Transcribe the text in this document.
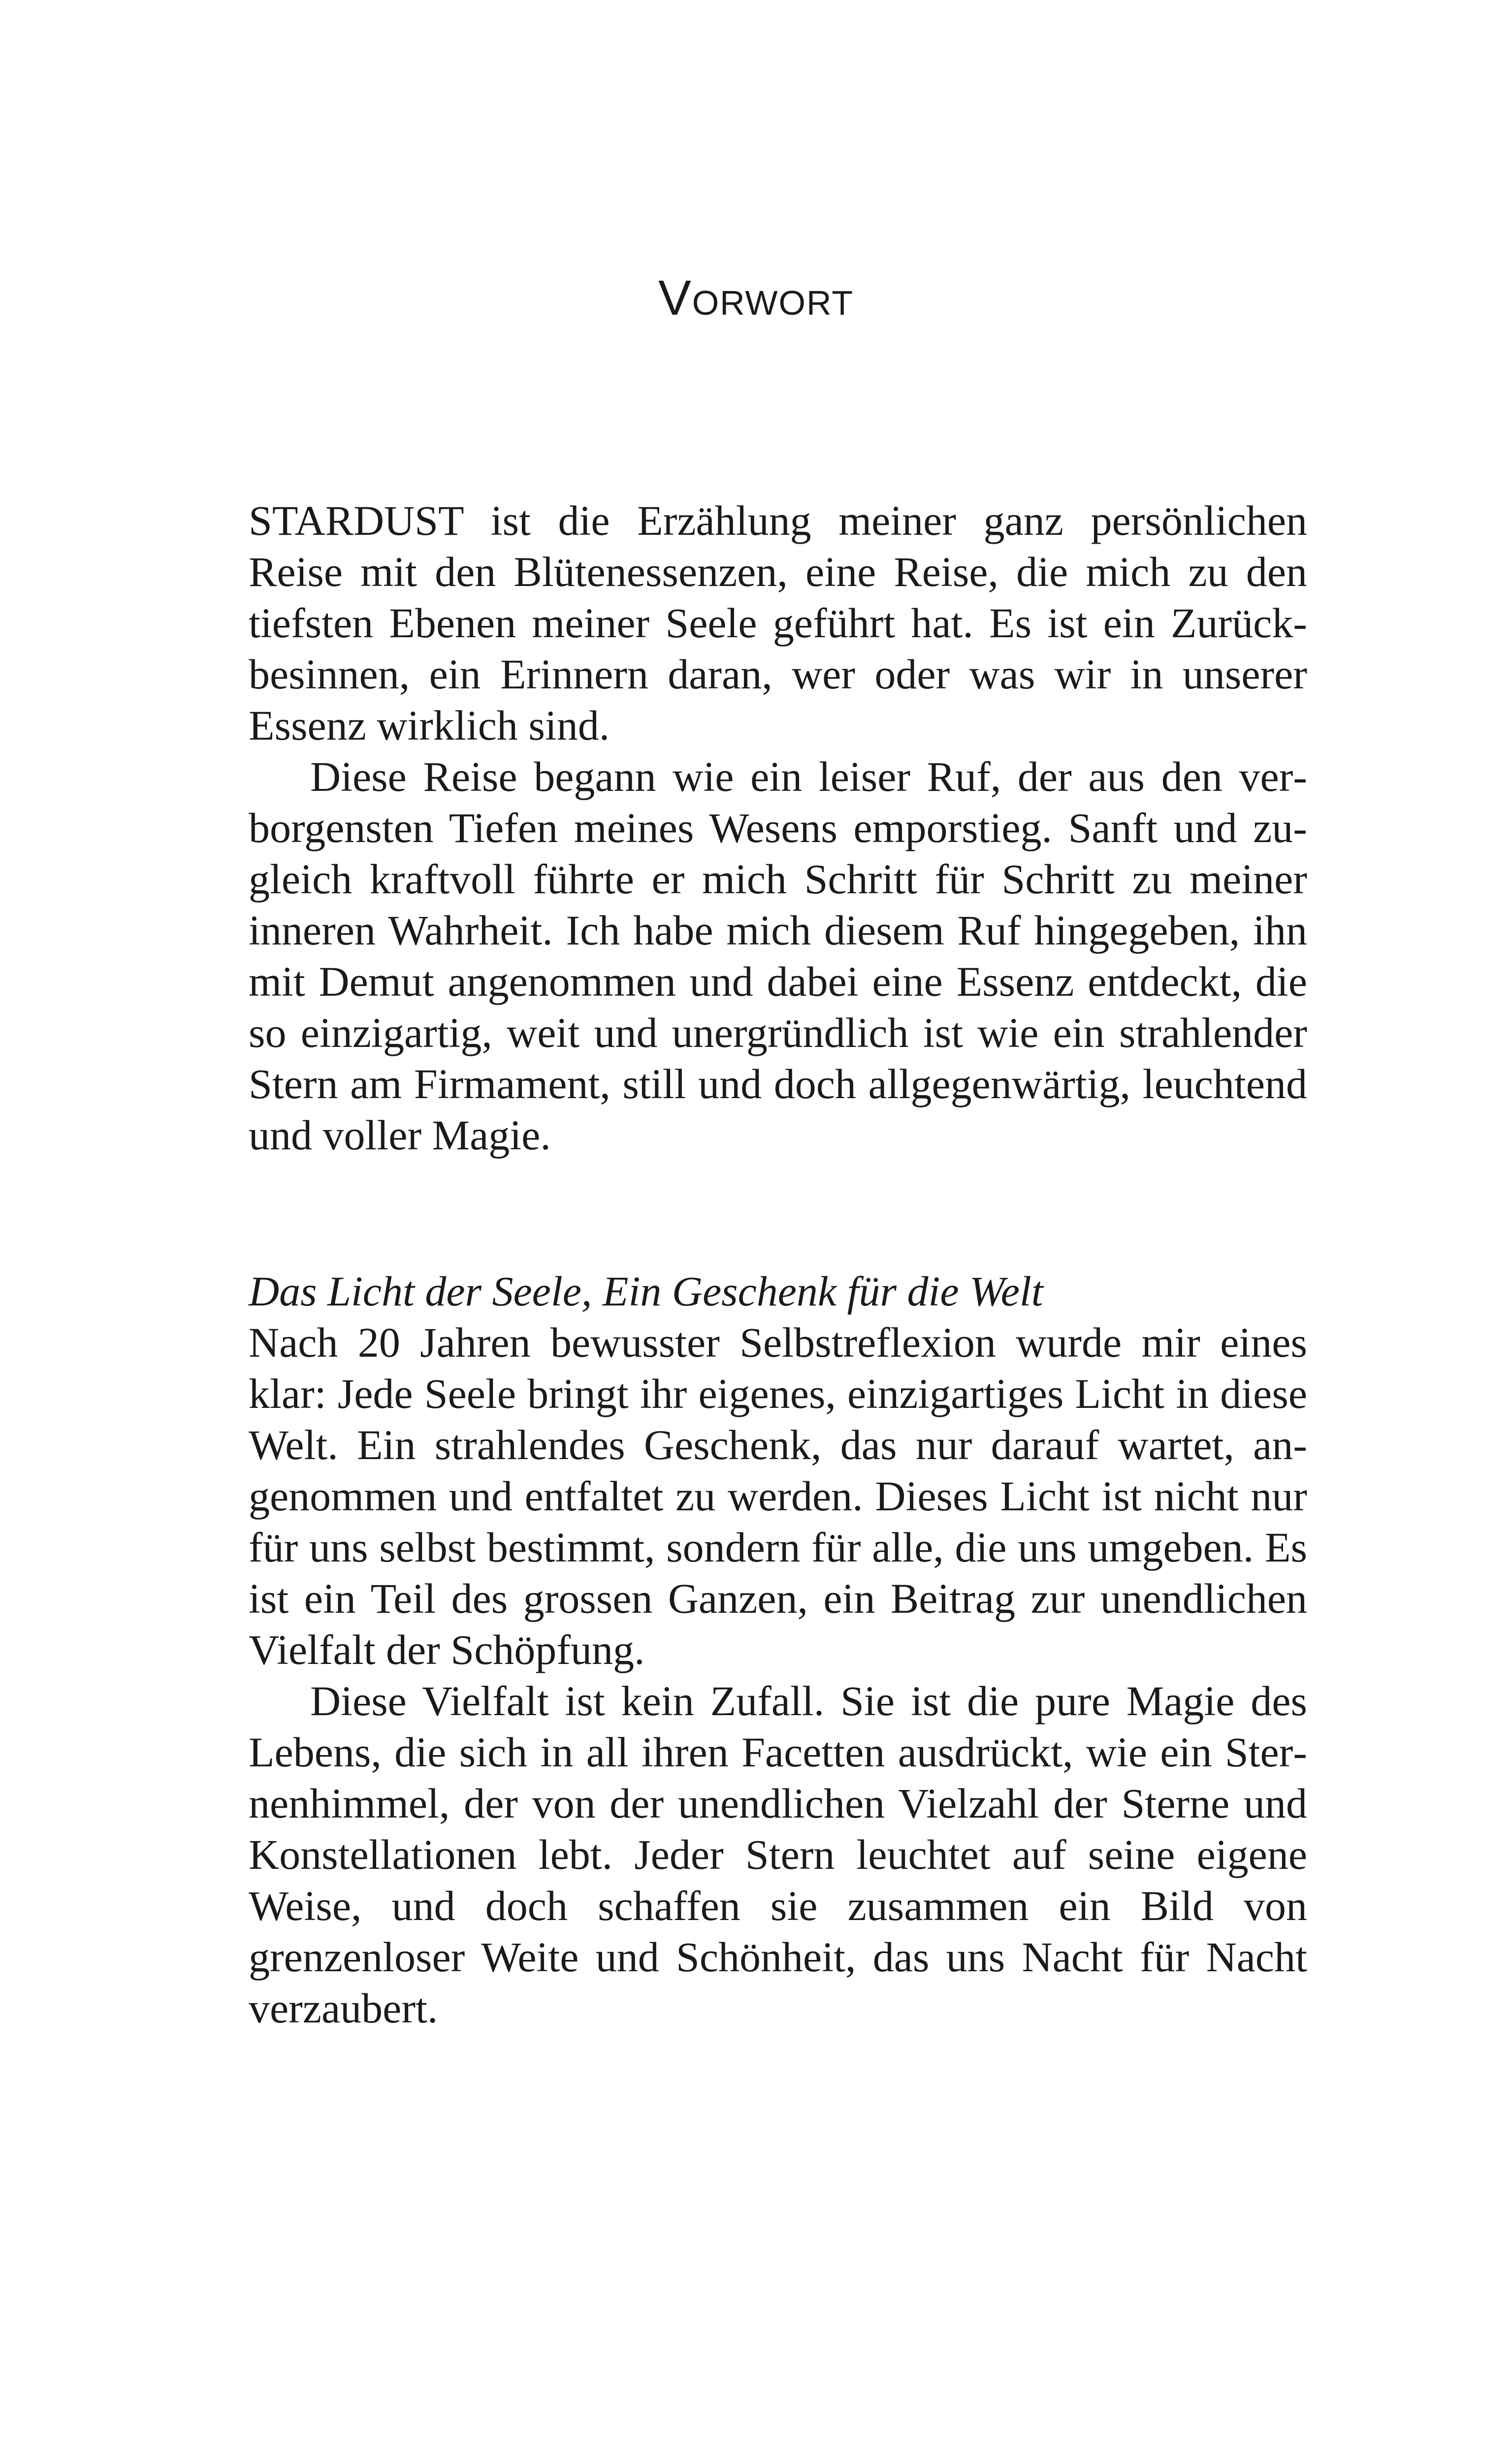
Vorwort

STARDUST ist die Erzählung meiner ganz persönlichen Reise mit den Blütenessenzen, eine Reise, die mich zu den tiefsten Ebenen meiner Seele geführt hat. Es ist ein Zurückbesinnen, ein Erinnern daran, wer oder was wir in unserer Essenz wirklich sind.

Diese Reise begann wie ein leiser Ruf, der aus den verborgensten Tiefen meines Wesens emporstieg. Sanft und zugleich kraftvoll führte er mich Schritt für Schritt zu meiner inneren Wahrheit. Ich habe mich diesem Ruf hingegeben, ihn mit Demut angenommen und dabei eine Essenz entdeckt, die so einzigartig, weit und unergründlich ist wie ein strahlender Stern am Firmament, still und doch allgegenwärtig, leuchtend und voller Magie.

Das Licht der Seele, Ein Geschenk für die Welt

Nach 20 Jahren bewusster Selbstreflexion wurde mir eines klar: Jede Seele bringt ihr eigenes, einzigartiges Licht in diese Welt. Ein strahlendes Geschenk, das nur darauf wartet, angenommen und entfaltet zu werden. Dieses Licht ist nicht nur für uns selbst bestimmt, sondern für alle, die uns umgeben. Es ist ein Teil des grossen Ganzen, ein Beitrag zur unendlichen Vielfalt der Schöpfung.

Diese Vielfalt ist kein Zufall. Sie ist die pure Magie des Lebens, die sich in all ihren Facetten ausdrückt, wie ein Sternenhimmel, der von der unendlichen Vielzahl der Sterne und Konstellationen lebt. Jeder Stern leuchtet auf seine eigene Weise, und doch schaffen sie zusammen ein Bild von grenzenloser Weite und Schönheit, das uns Nacht für Nacht verzaubert.
